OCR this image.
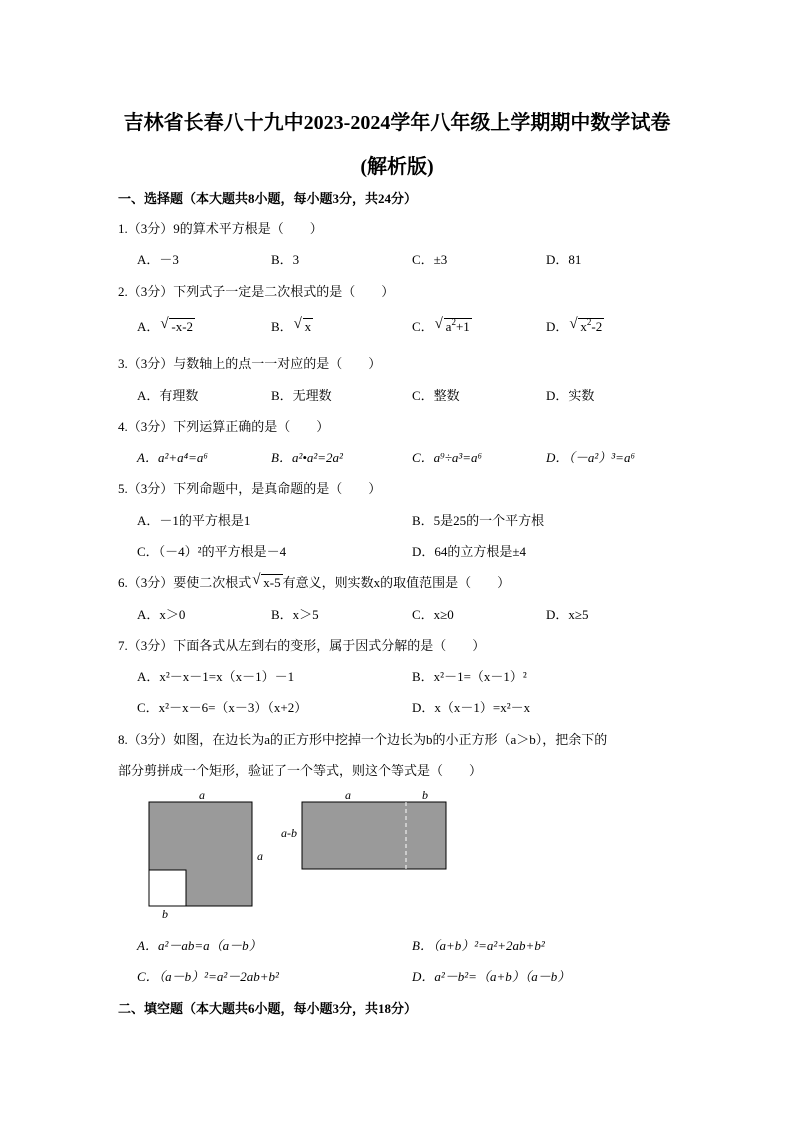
吉林省长春八十九中2023-2024学年八年级上学期期中数学试卷
(解析版)
一、选择题（本大题共8小题，每小题3分，共24分）
1.（3分）9的算术平方根是（　　）
A．－3	B．3	C．±3	D．81
2.（3分）下列式子一定是二次根式的是（　　）
A． √ -x-2	B． √ x	C． √ $a^2+1$	D． √ $x^2-2$
3.（3分）与数轴上的点一一对应的是（　　）
A．有理数	B．无理数	C．整数	D．实数
4.（3分）下列运算正确的是（　　）
A．a²+a⁴=a⁶	B．a²•a²=2a²	C．a⁹÷a³=a⁶	D．（－a²）³=a⁶
5.（3分）下列命题中，是真命题的是（　　）
A．－1的平方根是1	B．5是25的一个平方根
C．（－4）²的平方根是－4	D．64的立方根是±4
6.（3分）要使二次根式 √ x-5 有意义，则实数x的取值范围是（　　）
A．x＞0	B．x＞5	C．x≥0	D．x≥5
7.（3分）下面各式从左到右的变形，属于因式分解的是（　　）
A．x²－x－1=x（x－1）－1	B．x²－1=（x－1）²
C．x²－x－6=（x－3）（x+2）	D．x（x－1）=x²－x
8.（3分）如图，在边长为a的正方形中挖掉一个边长为b的小正方形（a＞b），把余下的
部分剪拼成一个矩形，验证了一个等式，则这个等式是（　　）
a
a
b
a-b
a	b
A．a²－ab=a（a－b）	B．（a+b）²=a²+2ab+b²
C．（a－b）²=a²－2ab+b²	D．a²－b²=（a+b）（a－b）
二、填空题（本大题共6小题，每小题3分，共18分）
